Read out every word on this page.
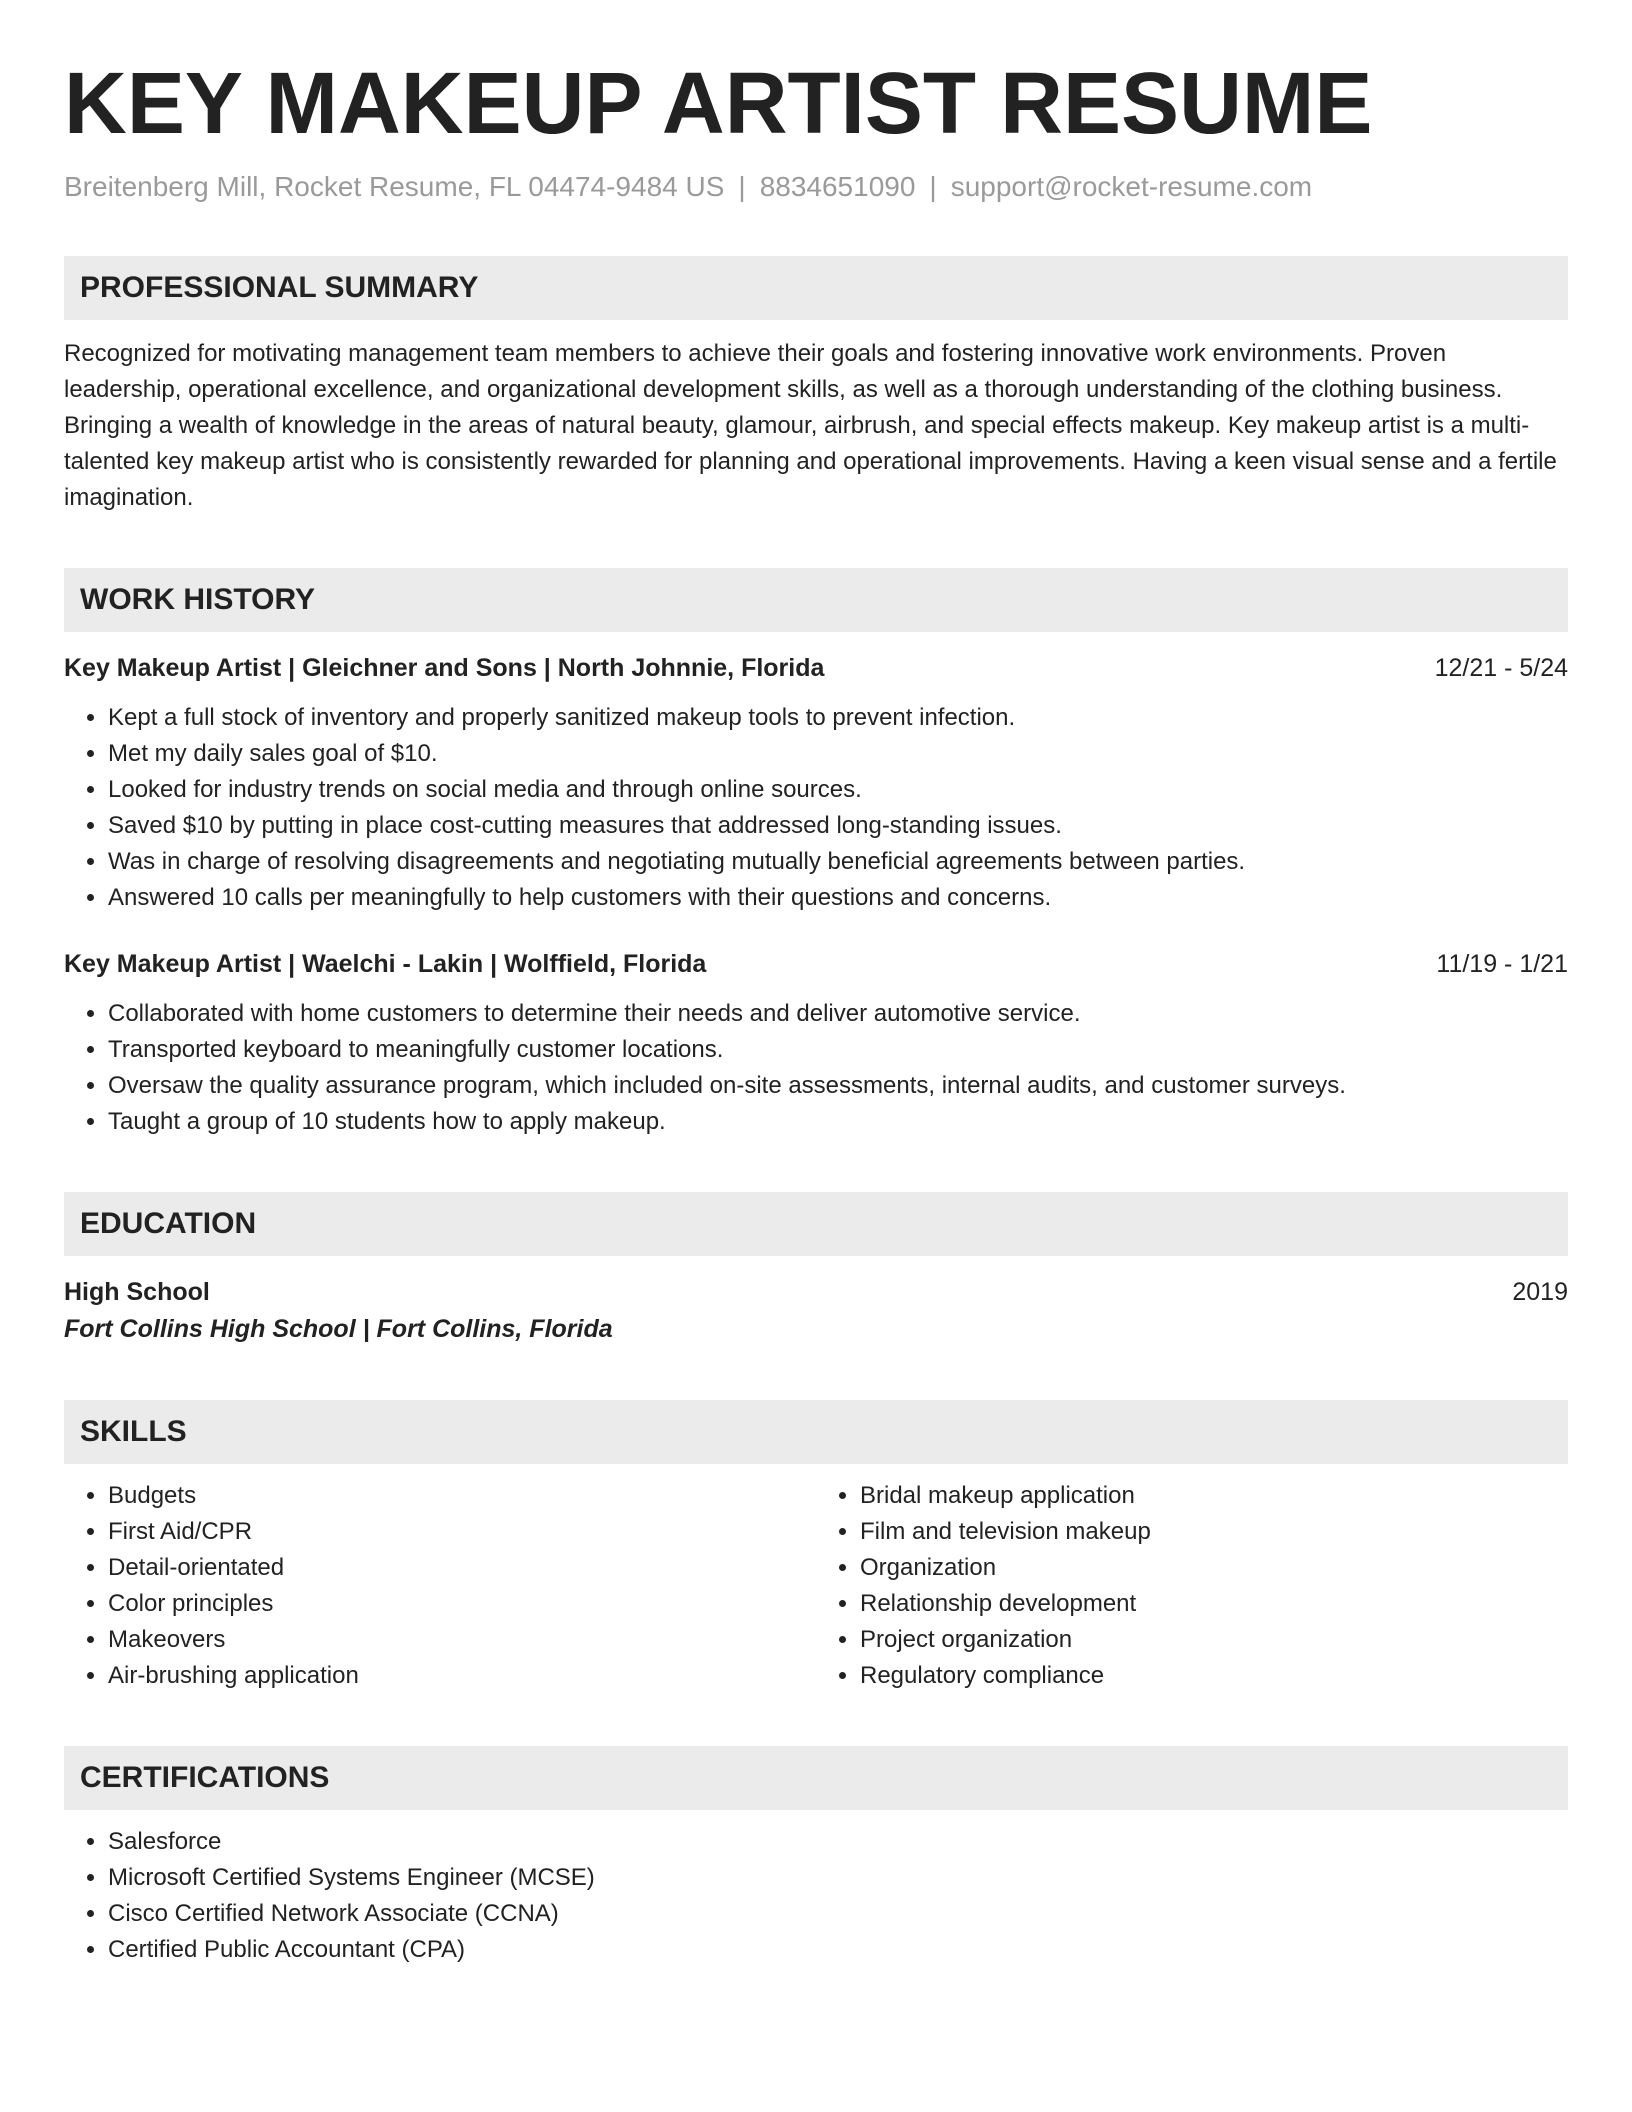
KEY MAKEUP ARTIST RESUME
Breitenberg Mill, Rocket Resume, FL 04474-9484 US | 8834651090 | support@rocket-resume.com
PROFESSIONAL SUMMARY
Recognized for motivating management team members to achieve their goals and fostering innovative work environments. Proven leadership, operational excellence, and organizational development skills, as well as a thorough understanding of the clothing business. Bringing a wealth of knowledge in the areas of natural beauty, glamour, airbrush, and special effects makeup. Key makeup artist is a multi-talented key makeup artist who is consistently rewarded for planning and operational improvements. Having a keen visual sense and a fertile imagination.
WORK HISTORY
Key Makeup Artist | Gleichner and Sons | North Johnnie, Florida	12/21 - 5/24
• Kept a full stock of inventory and properly sanitized makeup tools to prevent infection.
• Met my daily sales goal of $10.
• Looked for industry trends on social media and through online sources.
• Saved $10 by putting in place cost-cutting measures that addressed long-standing issues.
• Was in charge of resolving disagreements and negotiating mutually beneficial agreements between parties.
• Answered 10 calls per meaningfully to help customers with their questions and concerns.
Key Makeup Artist | Waelchi - Lakin | Wolffield, Florida	11/19 - 1/21
• Collaborated with home customers to determine their needs and deliver automotive service.
• Transported keyboard to meaningfully customer locations.
• Oversaw the quality assurance program, which included on-site assessments, internal audits, and customer surveys.
• Taught a group of 10 students how to apply makeup.
EDUCATION
High School	2019
Fort Collins High School | Fort Collins, Florida
SKILLS
• Budgets
• First Aid/CPR
• Detail-orientated
• Color principles
• Makeovers
• Air-brushing application
• Bridal makeup application
• Film and television makeup
• Organization
• Relationship development
• Project organization
• Regulatory compliance
CERTIFICATIONS
• Salesforce
• Microsoft Certified Systems Engineer (MCSE)
• Cisco Certified Network Associate (CCNA)
• Certified Public Accountant (CPA)
